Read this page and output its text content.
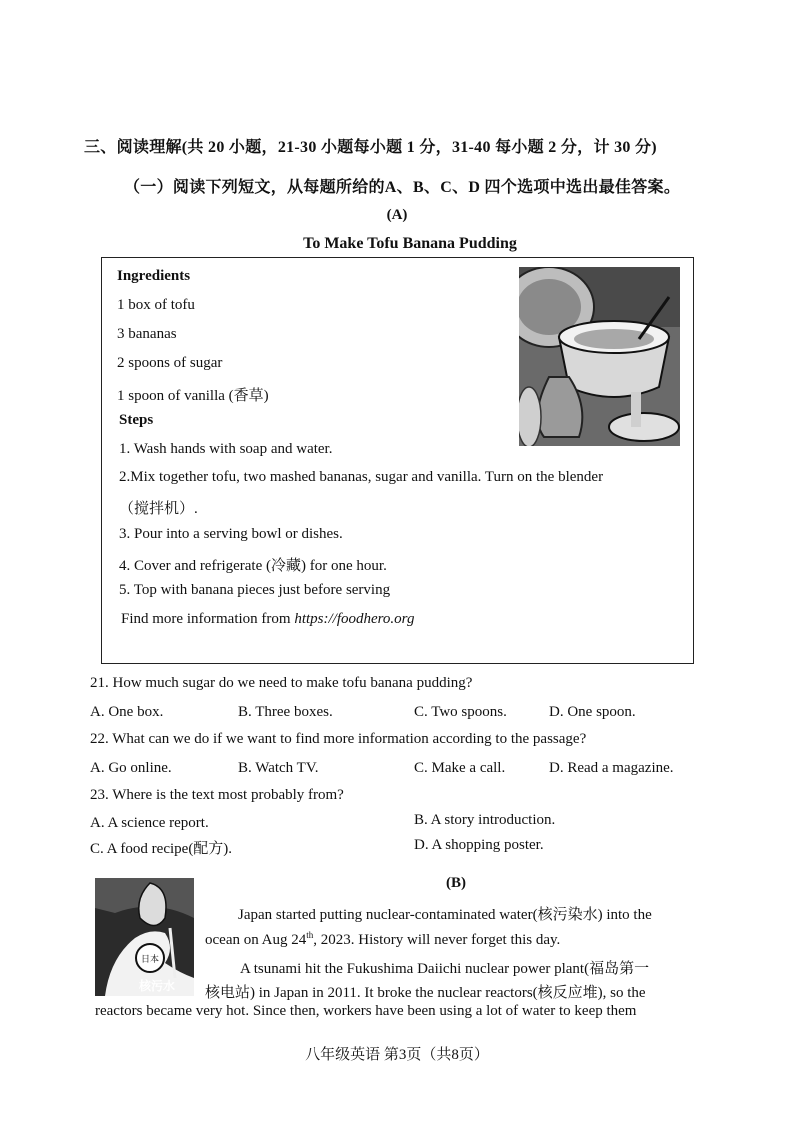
三、阅读理解(共 20 小题，21-30 小题每小题 1 分，31-40 每小题 2 分，计 30 分)
（一）阅读下列短文，从每题所给的A、B、C、D 四个选项中选出最佳答案。
(A)
To Make Tofu Banana Pudding
Ingredients
1 box of tofu
3 bananas
2 spoons of sugar
1 spoon of vanilla (香草)
Steps
1. Wash hands with soap and water.
2.Mix together tofu, two mashed bananas, sugar and vanilla. Turn on the blender
（搅拌机）.
3. Pour into a serving bowl or dishes.
4. Cover and refrigerate (冷藏) for one hour.
5. Top with banana pieces just before serving
Find more information from https://foodhero.org
21. How much sugar do we need to make tofu banana pudding?
A. One box.	B. Three boxes.	C. Two spoons.	D. One spoon.
22. What can we do if we want to find more information according to the passage?
A. Go online.	B. Watch TV.	C. Make a call.	D. Read a magazine.
23. Where is the text most probably from?
A. A science report.	B. A story introduction.
C. A food recipe(配方).	D. A shopping poster.
(B)
日本
核污水
Japan started putting nuclear-contaminated water(核污染水) into the
ocean on Aug 24th, 2023. History will never forget this day.
A tsunami hit the Fukushima Daiichi nuclear power plant(福岛第一
核电站) in Japan in 2011. It broke the nuclear reactors(核反应堆), so the
reactors became very hot. Since then, workers have been using a lot of water to keep them
八年级英语 第3页（共8页）
